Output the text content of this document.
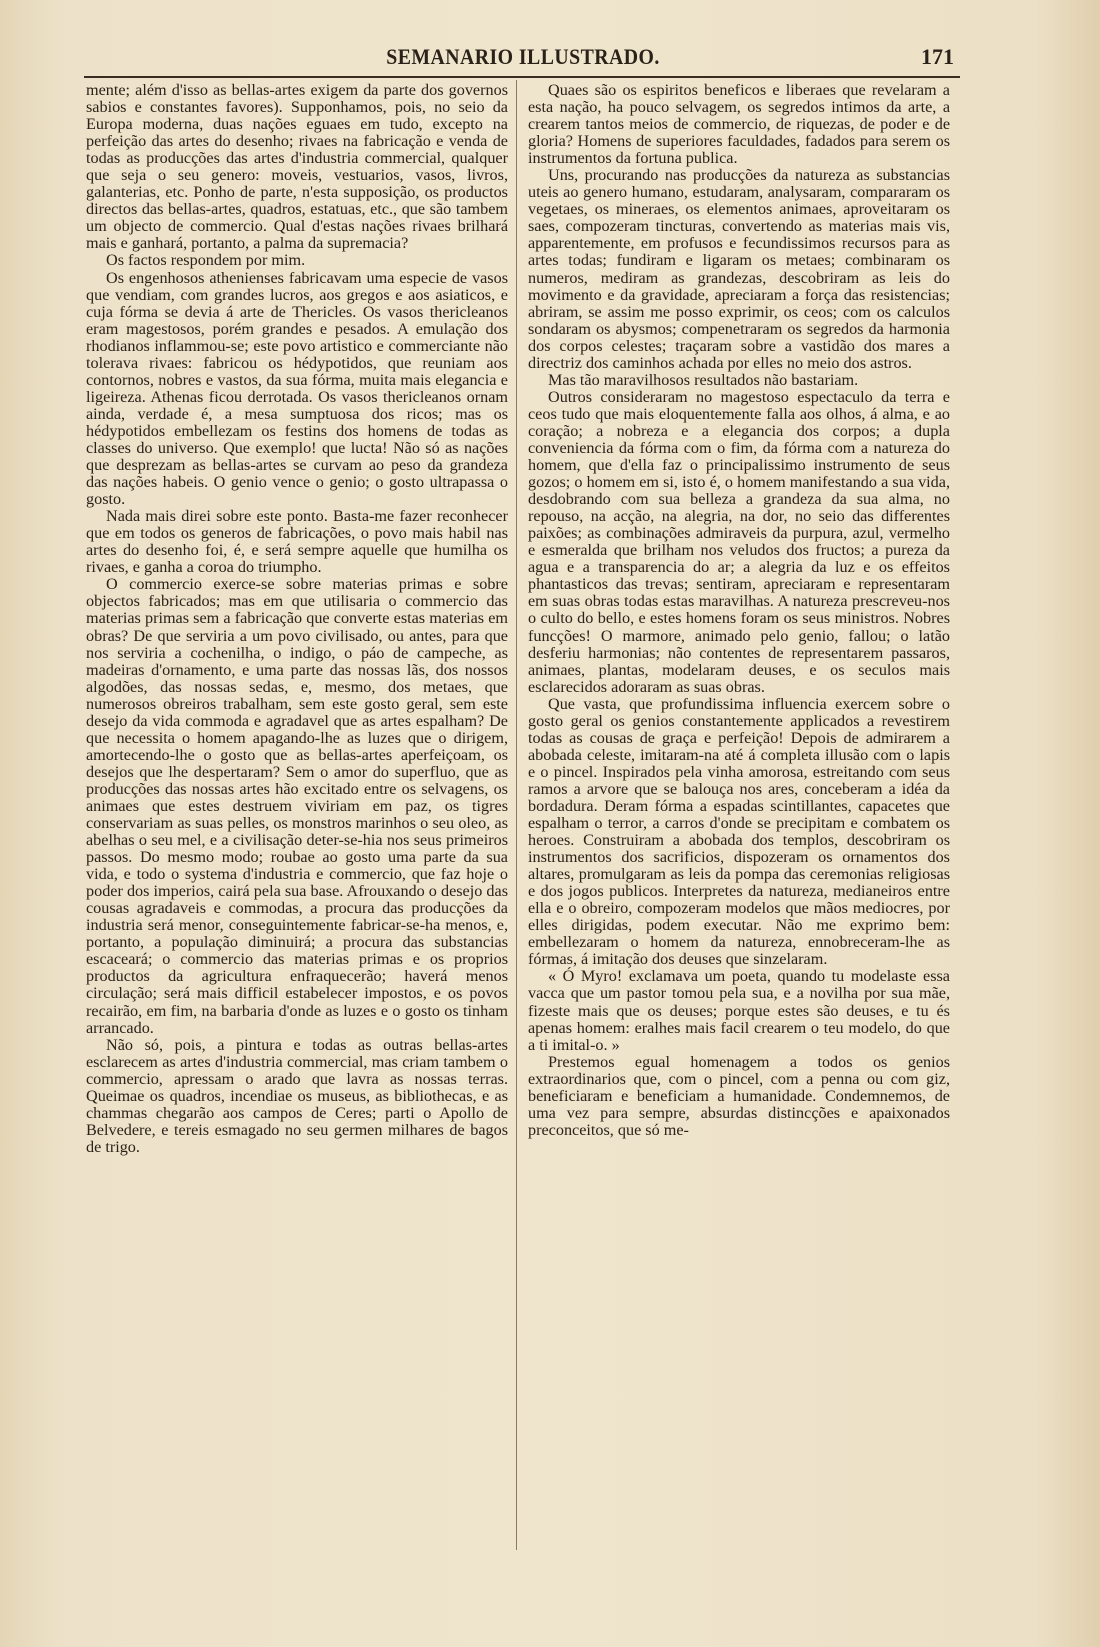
SEMANARIO ILLUSTRADO.	171

mente; além d'isso as bellas-artes exigem da parte dos governos sabios e constantes favores). Supponhamos, pois, no seio da Europa moderna, duas nações eguaes em tudo, excepto na perfeição das artes do desenho; rivaes na fabricação e venda de todas as producções das artes d'industria commercial, qualquer que seja o seu genero: moveis, vestuarios, vasos, livros, galanterias, etc. Ponho de parte, n'esta supposição, os productos directos das bellas-artes, quadros, estatuas, etc., que são tambem um objecto de commercio. Qual d'estas nações rivaes brilhará mais e ganhará, portanto, a palma da supremacia?

Os factos respondem por mim.

Os engenhosos athenienses fabricavam uma especie de vasos que vendiam, com grandes lucros, aos gregos e aos asiaticos, e cuja fórma se devia á arte de Thericles. Os vasos thericleanos eram magestosos, porém grandes e pesados. A emulação dos rhodianos inflammou-se; este povo artistico e commerciante não tolerava rivaes: fabricou os hédypotidos, que reuniam aos contornos, nobres e vastos, da sua fórma, muita mais elegancia e ligeireza. Athenas ficou derrotada. Os vasos thericleanos ornam ainda, verdade é, a mesa sumptuosa dos ricos; mas os hédypotidos embellezam os festins dos homens de todas as classes do universo. Que exemplo! que lucta! Não só as nações que desprezam as bellas-artes se curvam ao peso da grandeza das nações habeis. O genio vence o genio; o gosto ultrapassa o gosto.

Nada mais direi sobre este ponto. Basta-me fazer reconhecer que em todos os generos de fabricações, o povo mais habil nas artes do desenho foi, é, e será sempre aquelle que humilha os rivaes, e ganha a coroa do triumpho.

O commercio exerce-se sobre materias primas e sobre objectos fabricados; mas em que utilisaria o commercio das materias primas sem a fabricação que converte estas materias em obras? De que serviria a um povo civilisado, ou antes, para que nos serviria a cochenilha, o indigo, o páo de campeche, as madeiras d'ornamento, e uma parte das nossas lãs, dos nossos algodões, das nossas sedas, e, mesmo, dos metaes, que numerosos obreiros trabalham, sem este gosto geral, sem este desejo da vida commoda e agradavel que as artes espalham? De que necessita o homem apagando-lhe as luzes que o dirigem, amortecendo-lhe o gosto que as bellas-artes aperfeiçoam, os desejos que lhe despertaram? Sem o amor do superfluo, que as producções das nossas artes hão excitado entre os selvagens, os animaes que estes destruem viviriam em paz, os tigres conservariam as suas pelles, os monstros marinhos o seu oleo, as abelhas o seu mel, e a civilisação deter-se-hia nos seus primeiros passos. Do mesmo modo; roubae ao gosto uma parte da sua vida, e todo o systema d'industria e commercio, que faz hoje o poder dos imperios, cairá pela sua base. Afrouxando o desejo das cousas agradaveis e commodas, a procura das producções da industria será menor, conseguintemente fabricar-se-ha menos, e, portanto, a população diminuirá; a procura das substancias escaceará; o commercio das materias primas e os proprios productos da agricultura enfraquecerão; haverá menos circulação; será mais difficil estabelecer impostos, e os povos recairão, em fim, na barbaria d'onde as luzes e o gosto os tinham arrancado.

Não só, pois, a pintura e todas as outras bellas-artes esclarecem as artes d'industria commercial, mas criam tambem o commercio, apressam o arado que lavra as nossas terras. Queimae os quadros, incendiae os museus, as bibliothecas, e as chammas chegarão aos campos de Ceres; parti o Apollo de Belvedere, e tereis esmagado no seu germen milhares de bagos de trigo.

Quaes são os espiritos beneficos e liberaes que revelaram a esta nação, ha pouco selvagem, os segredos intimos da arte, a crearem tantos meios de commercio, de riquezas, de poder e de gloria? Homens de superiores faculdades, fadados para serem os instrumentos da fortuna publica.

Uns, procurando nas producções da natureza as substancias uteis ao genero humano, estudaram, analysaram, compararam os vegetaes, os mineraes, os elementos animaes, aproveitaram os saes, compozeram tincturas, convertendo as materias mais vis, apparentemente, em profusos e fecundissimos recursos para as artes todas; fundiram e ligaram os metaes; combinaram os numeros, mediram as grandezas, descobriram as leis do movimento e da gravidade, apreciaram a força das resistencias; abriram, se assim me posso exprimir, os ceos; com os calculos sondaram os abysmos; compenetraram os segredos da harmonia dos corpos celestes; traçaram sobre a vastidão dos mares a directriz dos caminhos achada por elles no meio dos astros.

Mas tão maravilhosos resultados não bastariam.

Outros consideraram no magestoso espectaculo da terra e ceos tudo que mais eloquentemente falla aos olhos, á alma, e ao coração; a nobreza e a elegancia dos corpos; a dupla conveniencia da fórma com o fim, da fórma com a natureza do homem, que d'ella faz o principalissimo instrumento de seus gozos; o homem em si, isto é, o homem manifestando a sua vida, desdobrando com sua belleza a grandeza da sua alma, no repouso, na acção, na alegria, na dor, no seio das differentes paixões; as combinações admiraveis da purpura, azul, vermelho e esmeralda que brilham nos veludos dos fructos; a pureza da agua e a transparencia do ar; a alegria da luz e os effeitos phantasticos das trevas; sentiram, apreciaram e representaram em suas obras todas estas maravilhas. A natureza prescreveu-nos o culto do bello, e estes homens foram os seus ministros. Nobres funcções! O marmore, animado pelo genio, fallou; o latão desferiu harmonias; não contentes de representarem passaros, animaes, plantas, modelaram deuses, e os seculos mais esclarecidos adoraram as suas obras.

Que vasta, que profundissima influencia exercem sobre o gosto geral os genios constantemente applicados a revestirem todas as cousas de graça e perfeição! Depois de admirarem a abobada celeste, imitaram-na até á completa illusão com o lapis e o pincel. Inspirados pela vinha amorosa, estreitando com seus ramos a arvore que se balouça nos ares, conceberam a idéa da bordadura. Deram fórma a espadas scintillantes, capacetes que espalham o terror, a carros d'onde se precipitam e combatem os heroes. Construiram a abobada dos templos, descobriram os instrumentos dos sacrificios, dispozeram os ornamentos dos altares, promulgaram as leis da pompa das ceremonias religiosas e dos jogos publicos. Interpretes da natureza, medianeiros entre ella e o obreiro, compozeram modelos que mãos mediocres, por elles dirigidas, podem executar. Não me exprimo bem: embellezaram o homem da natureza, ennobreceram-lhe as fórmas, á imitação dos deuses que sinzelaram.

« Ó Myro! exclamava um poeta, quando tu modelaste essa vacca que um pastor tomou pela sua, e a novilha por sua mãe, fizeste mais que os deuses; porque estes são deuses, e tu és apenas homem: eralhes mais facil crearem o teu modelo, do que a ti imital-o. »

Prestemos egual homenagem a todos os genios extraordinarios que, com o pincel, com a penna ou com giz, beneficiaram e beneficiam a humanidade. Condemnemos, de uma vez para sempre, absurdas distincções e apaixonados preconceitos, que só me-
